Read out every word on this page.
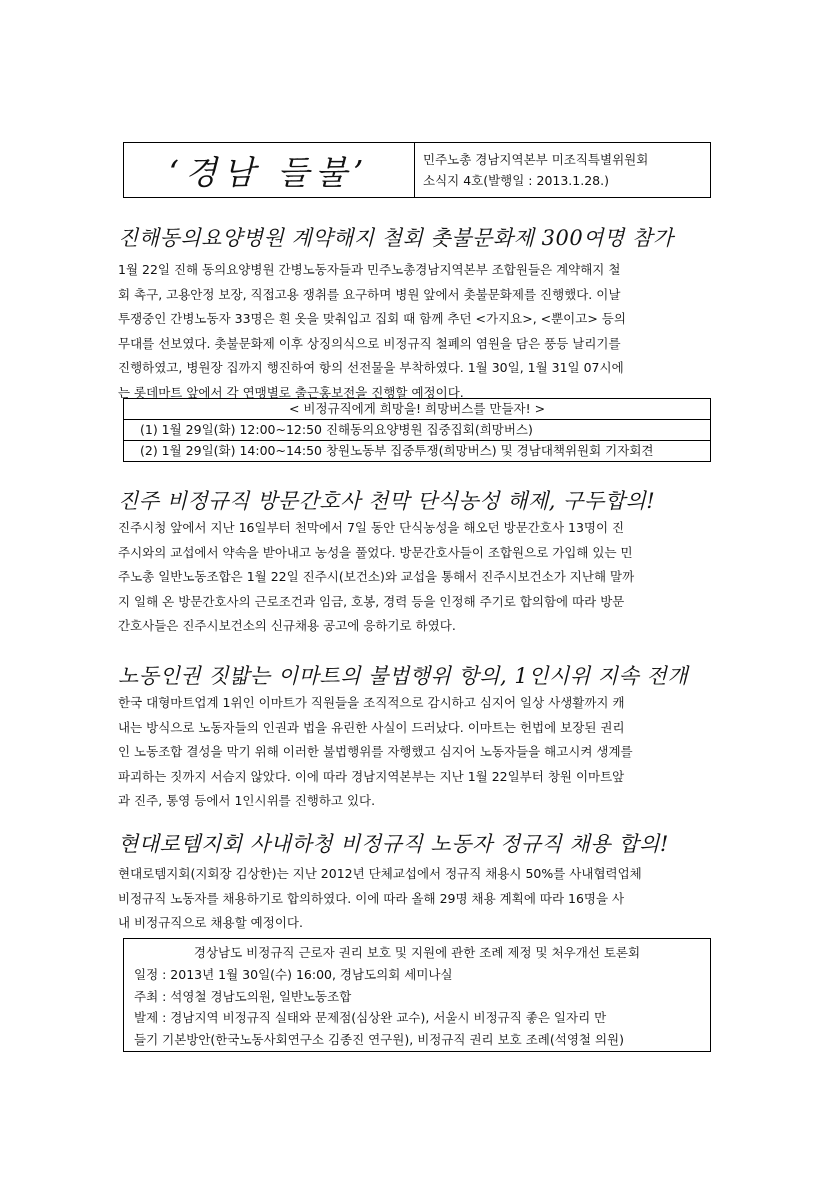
‘경남 들불’	민주노총 경남지역본부 미조직특별위원회
소식지 4호(발행일 : 2013.1.28.)
진해동의요양병원 계약해지 철회 촛불문화제 300여명 참가
1월 22일 진해 동의요양병원 간병노동자들과 민주노총경남지역본부 조합원들은 계약해지 철
회 촉구, 고용안정 보장, 직접고용 쟁취를 요구하며 병원 앞에서 촛불문화제를 진행했다. 이날
투쟁중인 간병노동자 33명은 흰 옷을 맞춰입고 집회 때 함께 추던 <가지요>, <뿐이고> 등의
무대를 선보였다. 촛불문화제 이후 상징의식으로 비정규직 철폐의 염원을 담은 풍등 날리기를
진행하였고, 병원장 집까지 행진하여 항의 선전물을 부착하였다. 1월 30일, 1월 31일 07시에
는 롯데마트 앞에서 각 연맹별로 출근홍보전을 진행할 예정이다.
< 비정규직에게 희망을! 희망버스를 만들자! >
(1) 1월 29일(화) 12:00~12:50 진해동의요양병원 집중집회(희망버스)
(2) 1월 29일(화) 14:00~14:50 창원노동부 집중투쟁(희망버스) 및 경남대책위원회 기자회견
진주 비정규직 방문간호사 천막 단식농성 해제, 구두합의!
진주시청 앞에서 지난 16일부터 천막에서 7일 동안 단식농성을 해오던 방문간호사 13명이 진
주시와의 교섭에서 약속을 받아내고 농성을 풀었다. 방문간호사들이 조합원으로 가입해 있는 민
주노총 일반노동조합은 1월 22일 진주시(보건소)와 교섭을 통해서 진주시보건소가 지난해 말까
지 일해 온 방문간호사의 근로조건과 임금, 호봉, 경력 등을 인정해 주기로 합의함에 따라 방문
간호사들은 진주시보건소의 신규채용 공고에 응하기로 하였다.
노동인권 짓밟는 이마트의 불법행위 항의, 1인시위 지속 전개
한국 대형마트업계 1위인 이마트가 직원들을 조직적으로 감시하고 심지어 일상 사생활까지 캐
내는 방식으로 노동자들의 인권과 법을 유린한 사실이 드러났다. 이마트는 헌법에 보장된 권리
인 노동조합 결성을 막기 위해 이러한 불법행위를 자행했고 심지어 노동자들을 해고시켜 생계를
파괴하는 짓까지 서슴지 않았다. 이에 따라 경남지역본부는 지난 1월 22일부터 창원 이마트앞
과 진주, 통영 등에서 1인시위를 진행하고 있다.
현대로템지회 사내하청 비정규직 노동자 정규직 채용 합의!
현대로템지회(지회장 김상한)는 지난 2012년 단체교섭에서 정규직 채용시 50%를 사내협력업체
비정규직 노동자를 채용하기로 합의하였다. 이에 따라 올해 29명 채용 계획에 따라 16명을 사
내 비정규직으로 채용할 예정이다.
경상남도 비정규직 근로자 권리 보호 및 지원에 관한 조례 제정 및 처우개선 토론회
일정 : 2013년 1월 30일(수) 16:00, 경남도의회 세미나실
주최 : 석영철 경남도의원, 일반노동조합
발제 : 경남지역 비정규직 실태와 문제점(심상완 교수), 서울시 비정규직 좋은 일자리 만
들기 기본방안(한국노동사회연구소 김종진 연구원), 비정규직 권리 보호 조례(석영철 의원)
